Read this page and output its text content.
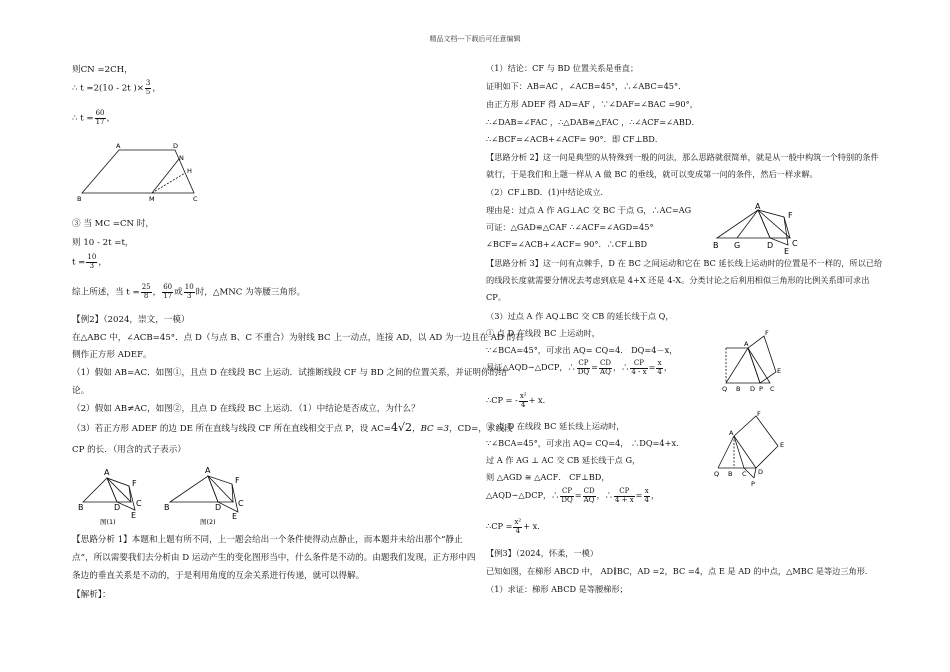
精品文档---下载后可任意编辑
则CN =2CH，
∴ t =2(10 - 2t )× $\frac{3}{5}$ ，
∴ $t = \frac{60}{17}$ ，
A	D
N
H
B	M	C
③ 当 MC =CN 时，
则 10 - 2t =t，
$t = \frac{10}{3}$ ，
综上所述，当 $t = \frac{25}{8}$ ， $\frac{60}{17}$ 或 $\frac{10}{3}$ 时，△MNC 为等腰三角形。
【例2】（2024，崇文，一模）
在△ABC 中，∠ACB=45°．点 D（与点 B、C 不重合）为射线 BC 上一动点，连接 AD，以 AD 为一边且在 AD 的右
侧作正方形 ADEF。
（1）假如 AB=AC．如图①，且点 D 在线段 BC 上运动．试推断线段 CF 与 BD 之间的位置关系，并证明你的结
论。
（2）假如 AB≠AC，如图②，且点 D 在线段 BC 上运动．（1）中结论是否成立，为什么？
（3）若正方形 ADEF 的边 DE 所在直线与线段 CF 所在直线相交于点 P，设 AC=4√2，BC =3，CD=，求线段
CP 的长．（用含的式子表示）
A
B	D C
E
F
图(1)
A
B	D C
E
F
图(2)
【思路分析 1】本题和上题有所不同，上一题会给出一个条件使得动点静止，而本题并未给出那个“静止
点”，所以需要我们去分析由 D 运动产生的变化图形当中，什么条件是不动的。由题我们发现，正方形中四
条边的垂直关系是不动的，于是利用角度的互余关系进行传递，就可以得解。
【解析】：
（1）结论：CF 与 BD 位置关系是垂直；
证明如下：AB=AC ，∠ACB=45°，∴∠ABC=45°．
由正方形 ADEF 得 AD=AF ，∵∠DAF=∠BAC =90°，
∴∠DAB=∠FAC ，∴△DAB≌△FAC ，∴∠ACF=∠ABD．
∴∠BCF=∠ACB+∠ACF= 90°．即 CF⊥BD．
【思路分析 2】这一问是典型的从特殊到一般的问法，那么思路就很简单，就是从一般中构筑一个特别的条件
就行，于是我们和上题一样从 A 做 BC 的垂线，就可以变成第一问的条件，然后一样求解。
（2）CF⊥BD．(1)中结论成立．
理由是：过点 A 作 AG⊥AC 交 BC 于点 G，∴AC=AG
可证：△GAD≌△CAF ∴∠ACF=∠AGD=45°
∠BCF=∠ACB+∠ACF= 90°．∴CF⊥BD
A
F
B G	D C
E
【思路分析 3】这一问有点棘手，D 在 BC 之间运动和它在 BC 延长线上运动时的位置是不一样的，所以已给
的线段长度就需要分情况去考虑到底是 4+X 还是 4-X。分类讨论之后利用相似三角形的比例关系即可求出
CP。
（3）过点 A 作 AQ⊥BC 交 CB 的延长线于点 Q，
① 点 D 在线段 BC 上运动时，
∵∠BCA=45°，可求出 AQ= CQ=4． DQ=4－x，
易证△AQD∽△DCP，∴ $\frac{CP}{DQ} = \frac{CD}{AQ}$ ，∴ $\frac{CP}{4 - x} = \frac{x}{4}$ ，
∴CP = - $\frac{\text{x²}}{4} + x$．
A
F
E
Q B D P C
② 点 D 在线段 BC 延长线上运动时，
∵∠BCA=45°，可求出 AQ= CQ=4， ∴DQ=4+x．
过 A 作 AG ⊥ AC 交 CB 延长线于点 G，
则 △AGD ≅ △ACF． CF⊥BD，
△AQD∽△DCP，∴ $\frac{CP}{DQ} = \frac{CD}{AQ}$ ，∴ $\frac{CP}{4 + x} = \frac{x}{4}$ ，
∴CP = $\frac{\text{x²}}{4} + x$．
A
F
E
Q B C D
P
【例3】（2024，怀柔，一模）
已知如图，在梯形 ABCD 中， AD∥BC，AD =2，BC =4，点 E 是 AD 的中点，△MBC 是等边三角形．
（1）求证：梯形 ABCD 是等腰梯形；
